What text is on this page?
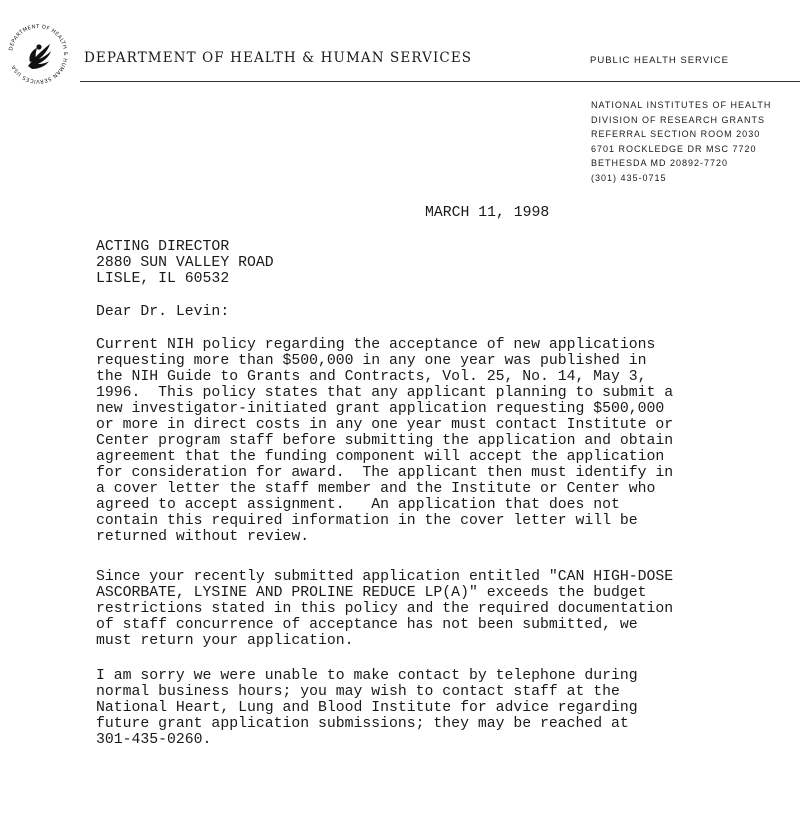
DEPARTMENT OF HEALTH & HUMAN SERVICES USA
DEPARTMENT OF HEALTH & HUMAN SERVICES	PUBLIC HEALTH SERVICE
NATIONAL INSTITUTES OF HEALTH
DIVISION OF RESEARCH GRANTS
REFERRAL SECTION ROOM 2030
6701 ROCKLEDGE DR MSC 7720
BETHESDA MD 20892-7720
(301) 435-0715
MARCH 11, 1998
ACTING DIRECTOR
2880 SUN VALLEY ROAD
LISLE, IL 60532
Dear Dr. Levin:
Current NIH policy regarding the acceptance of new applications
requesting more than $500,000 in any one year was published in
the NIH Guide to Grants and Contracts, Vol. 25, No. 14, May 3,
1996.  This policy states that any applicant planning to submit a
new investigator-initiated grant application requesting $500,000
or more in direct costs in any one year must contact Institute or
Center program staff before submitting the application and obtain
agreement that the funding component will accept the application
for consideration for award.  The applicant then must identify in
a cover letter the staff member and the Institute or Center who
agreed to accept assignment.   An application that does not
contain this required information in the cover letter will be
returned without review.
Since your recently submitted application entitled "CAN HIGH-DOSE
ASCORBATE, LYSINE AND PROLINE REDUCE LP(A)" exceeds the budget
restrictions stated in this policy and the required documentation
of staff concurrence of acceptance has not been submitted, we
must return your application.
I am sorry we were unable to make contact by telephone during
normal business hours; you may wish to contact staff at the
National Heart, Lung and Blood Institute for advice regarding
future grant application submissions; they may be reached at
301-435-0260.
